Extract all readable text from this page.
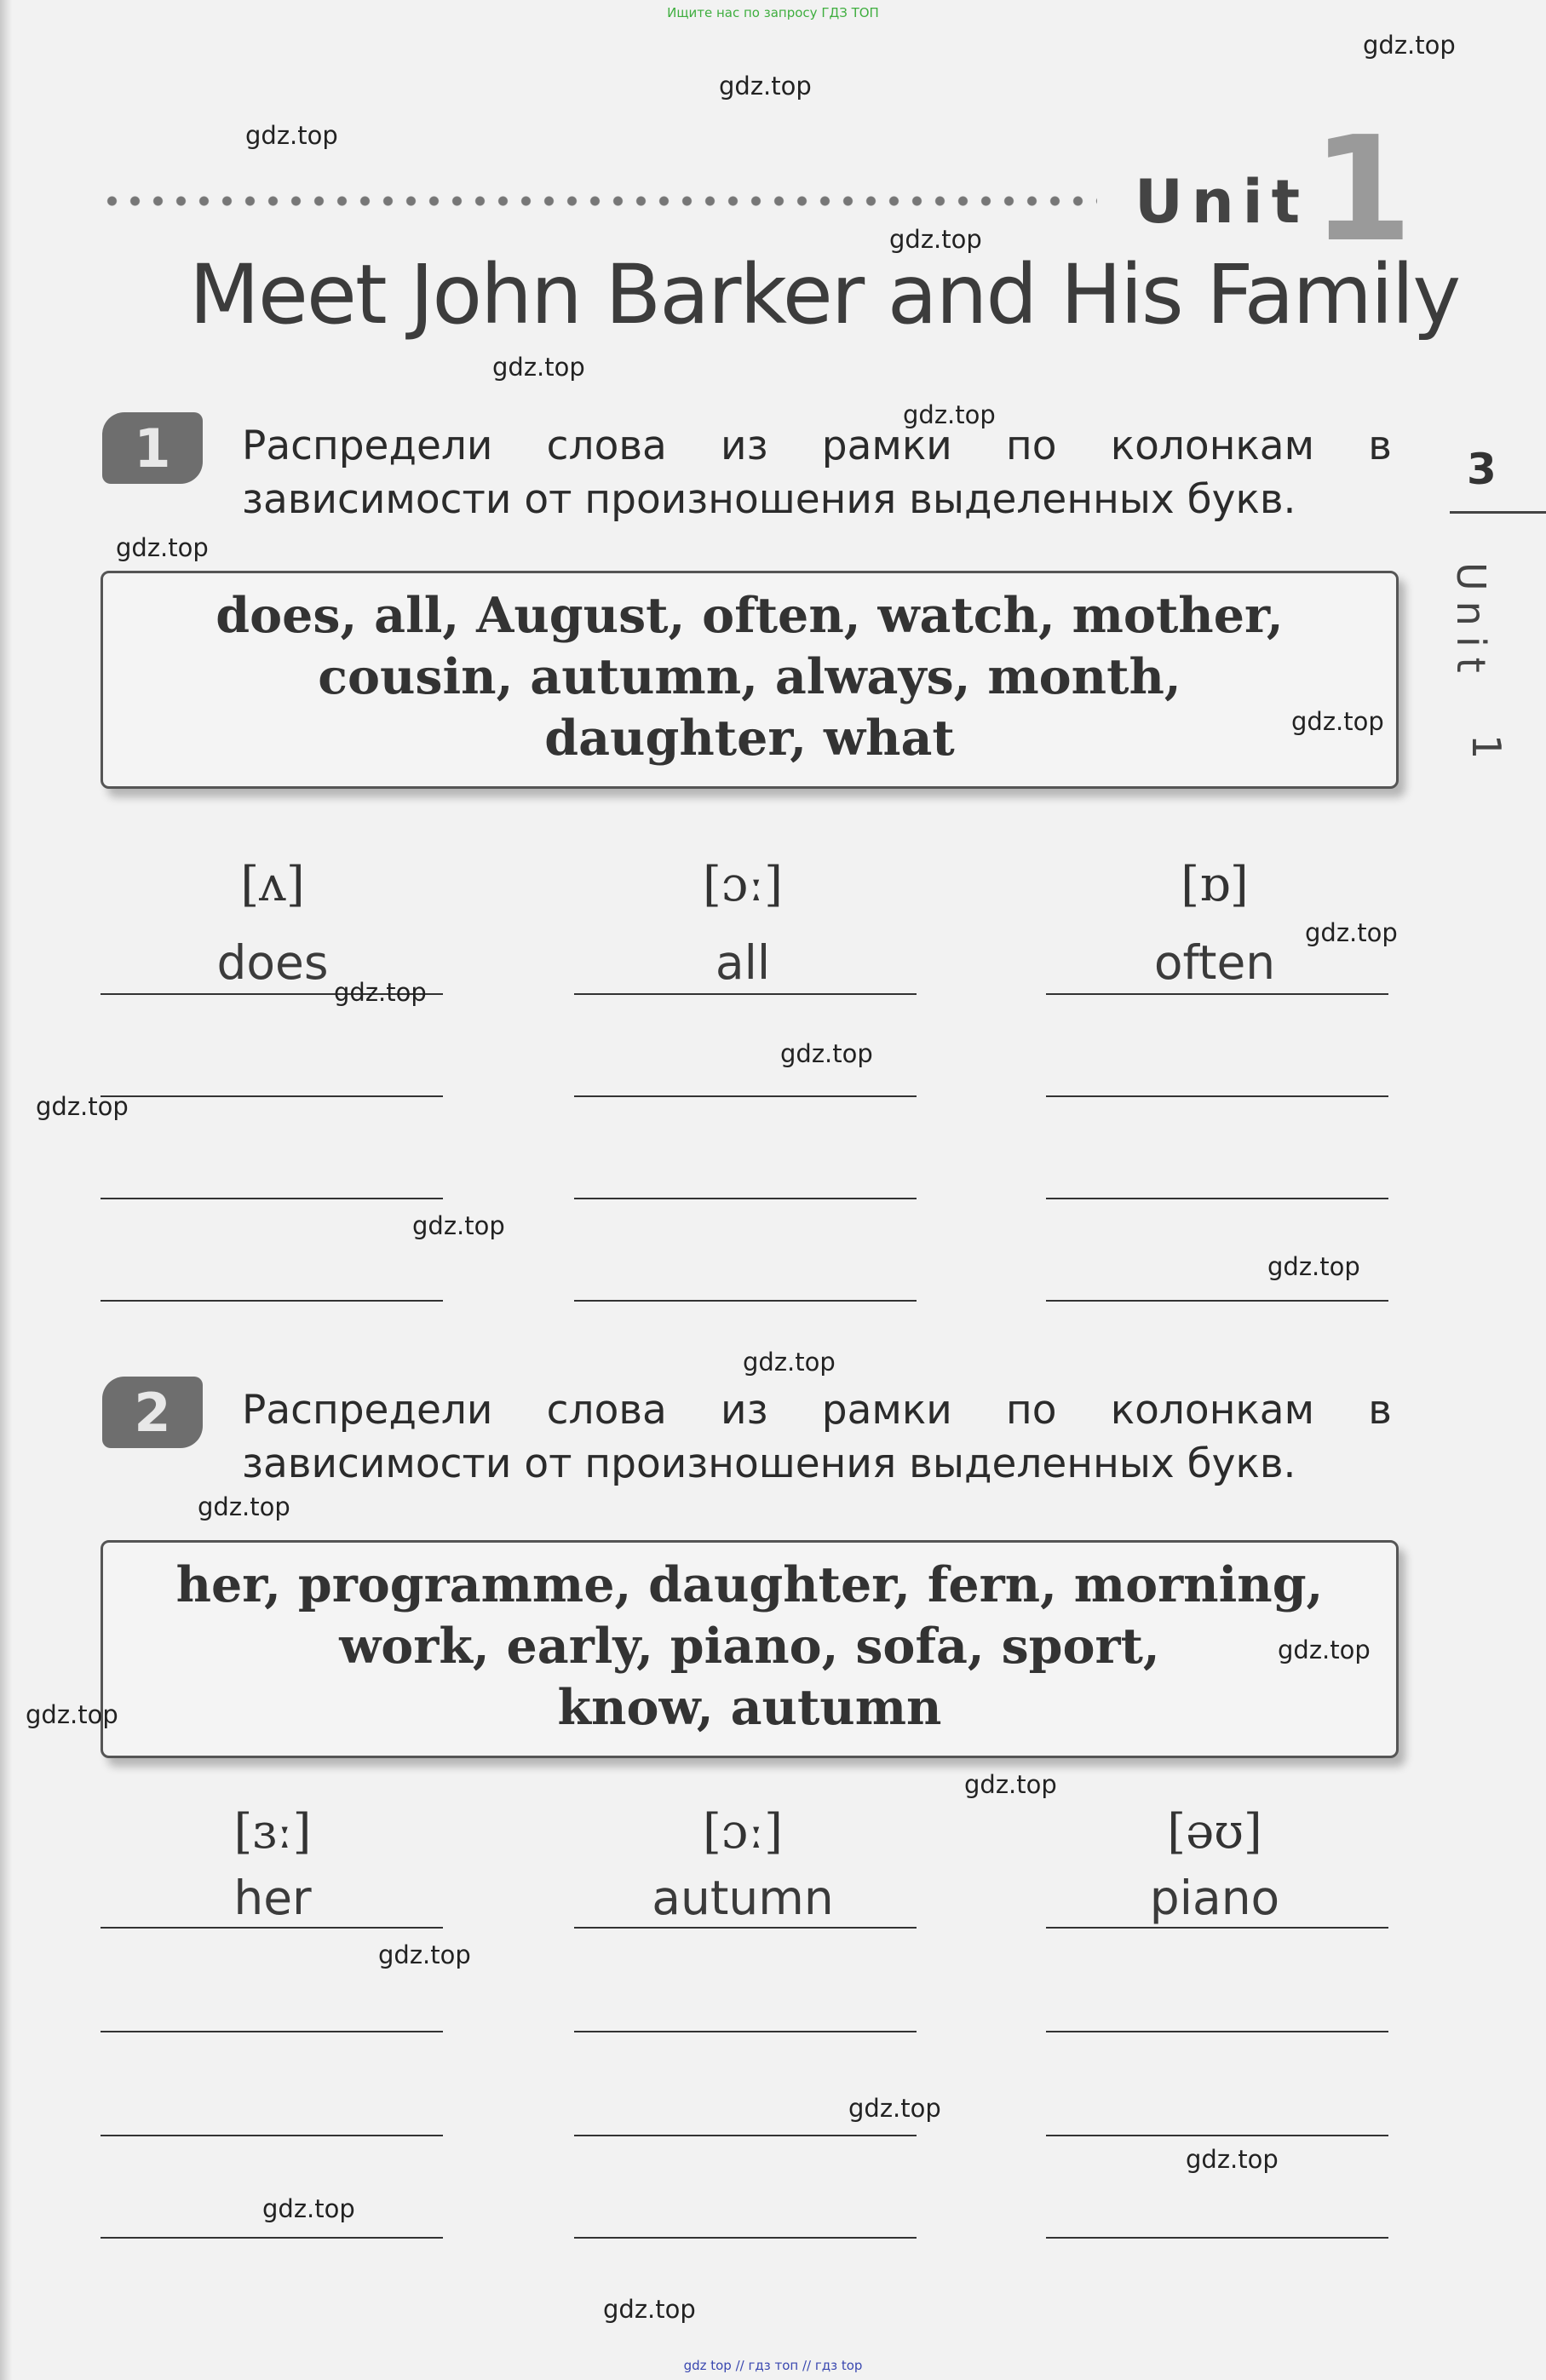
Ищите нас по запросу ГДЗ ТОП
Unit 1
Meet John Barker and His Family
3
Unit
1
1	Распредели слова из рамки по колонкам в зависимости от произношения выделенных букв.
does, all, August, often, watch, mother,
cousin, autumn, always, month,
daughter, what
[ʌ]	[ɔː]	[ɒ]
does	all	often
2	Распредели слова из рамки по колонкам в зависимости от произношения выделенных букв.
her, programme, daughter, fern, morning,
work, early, piano, sofa, sport,
know, autumn
[ɜː]	[ɔː]	[əʊ]
her	autumn	piano
gdz.top
gdz.top
gdz.top
gdz.top
gdz.top
gdz.top
gdz.top
gdz.top
gdz.top
gdz.top
gdz.top
gdz.top
gdz.top
gdz.top
gdz.top
gdz.top
gdz.top
gdz.top
gdz.top
gdz.top
gdz.top
gdz.top
gdz.top
gdz.top
gdz top // гдз топ // гдз top
